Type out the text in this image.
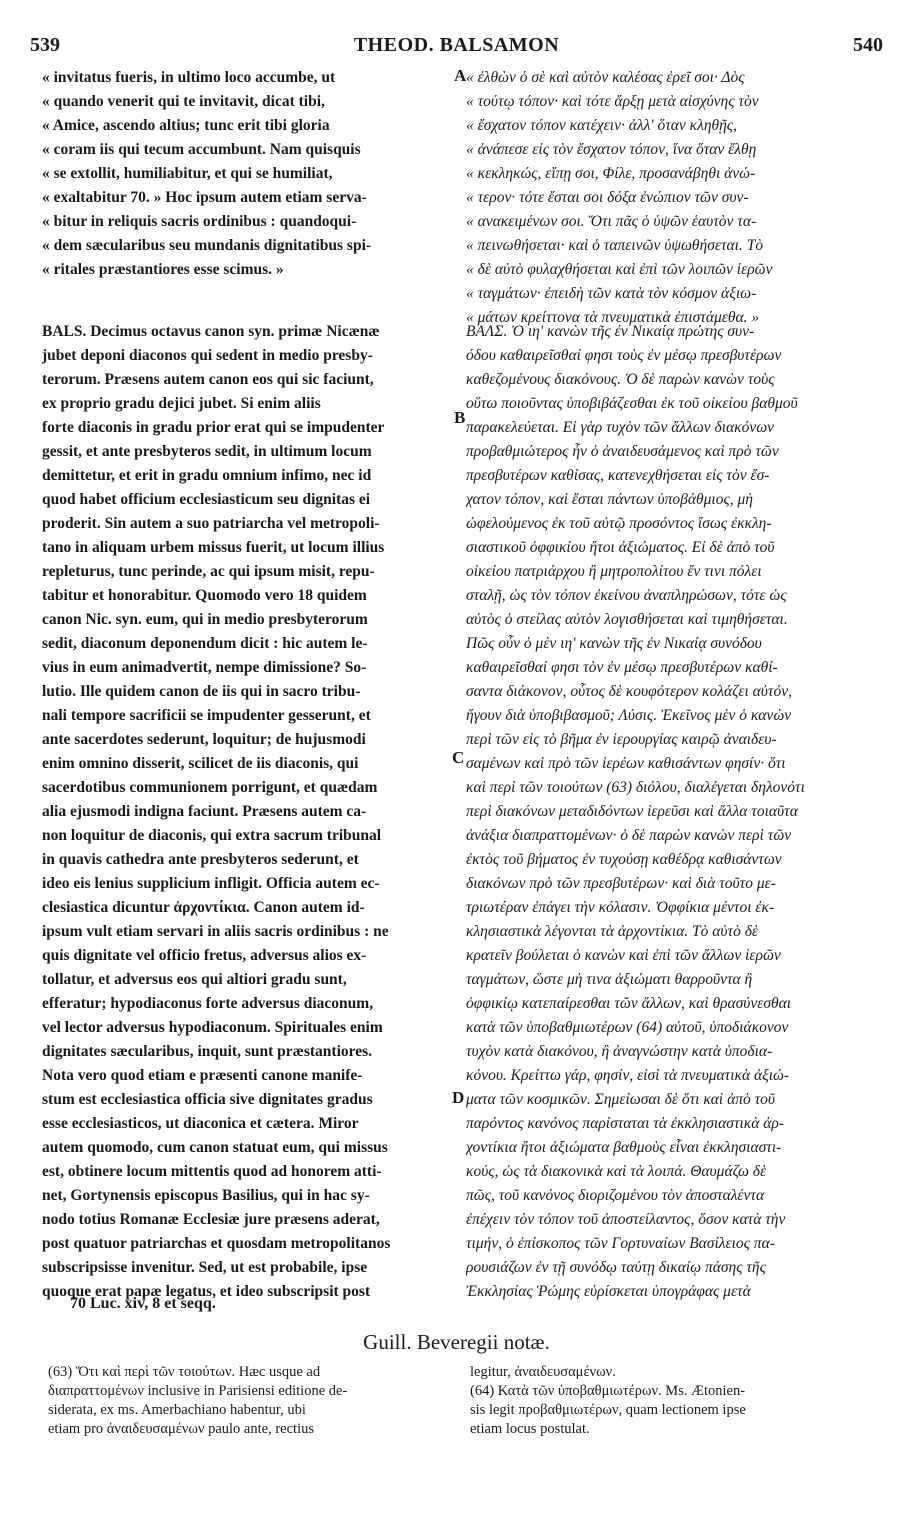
539	THEOD. BALSAMON	540
« invitatus fueris, in ultimo loco accumbe, ut
« quando venerit qui te invitavit, dicat tibi,
« Amice, ascendo altius; tunc erit tibi gloria
« coram iis qui tecum accumbunt. Nam quisquis
« se extollit, humiliabitur, et qui se humiliat,
« exaltabitur 70. » Hoc ipsum autem etiam serva-
« bitur in reliquis sacris ordinibus : quandoqui-
« dem sæcularibus seu mundanis dignitatibus spi-
« ritales præstantiores esse scimus. »
BALS. Decimus octavus canon syn. primæ Nicænæ
jubet deponi diaconos qui sedent in medio presby-
terorum. Præsens autem canon eos qui sic faciunt,
ex proprio gradu dejici jubet. Si enim aliis
forte diaconis in gradu prior erat qui se impudenter
gessit, et ante presbyteros sedit, in ultimum locum
demittetur, et erit in gradu omnium infimo, nec id
quod habet officium ecclesiasticum seu dignitas ei
proderit. Sin autem a suo patriarcha vel metropoli-
tano in aliquam urbem missus fuerit, ut locum illius
repleturus, tunc perinde, ac qui ipsum misit, repu-
tabitur et honorabitur. Quomodo vero 18 quidem
canon Nic. syn. eum, qui in medio presbyterorum
sedit, diaconum deponendum dicit : hic autem le-
vius in eum animadvertit, nempe dimissione? So-
lutio. Ille quidem canon de iis qui in sacro tribu-
nali tempore sacrificii se impudenter gesserunt, et
ante sacerdotes sederunt, loquitur; de hujusmodi
enim omnino disserit, scilicet de iis diaconis, qui
sacerdotibus communionem porrigunt, et quædam
alia ejusmodi indigna faciunt. Præsens autem ca-
non loquitur de diaconis, qui extra sacrum tribunal
in quavis cathedra ante presbyteros sederunt, et
ideo eis lenius supplicium infligit. Officia autem ec-
clesiastica dicuntur ἀρχοντίκια. Canon autem id-
ipsum vult etiam servari in aliis sacris ordinibus : ne
quis dignitate vel officio fretus, adversus alios ex-
tollatur, et adversus eos qui altiori gradu sunt,
efferatur; hypodiaconus forte adversus diaconum,
vel lector adversus hypodiaconum. Spirituales enim
dignitates sæcularibus, inquit, sunt præstantiores.
Nota vero quod etiam e præsenti canone manife-
stum est ecclesiastica officia sive dignitates gradus
esse ecclesiasticos, ut diaconica et cætera. Miror
autem quomodo, cum canon statuat eum, qui missus
est, obtinere locum mittentis quod ad honorem atti-
net, Gortynensis episcopus Basilius, qui in hac sy-
nodo totius Romanæ Ecclesiæ jure præsens aderat,
post quatuor patriarchas et quosdam metropolitanos
subscripsisse invenitur. Sed, ut est probabile, ipse
quoque erat papæ legatus, et ideo subscripsit post
« ἐλθὼν ὁ σὲ καὶ αὐτὸν καλέσας ἐρεῖ σοι· Δὸς
« τούτῳ τόπον· καὶ τότε ἄρξῃ μετὰ αἰσχύνης τὸν
« ἔσχατον τόπον κατέχειν· ἀλλ' ὅταν κληθῇς,
« ἀνάπεσε εἰς τὸν ἔσχατον τόπον, ἵνα ὅταν ἔλθῃ
« κεκληκώς, εἴπῃ σοι, Φίλε, προσανάβηθι ἀνώ-
« τερον· τότε ἔσται σοι δόξα ἐνώπιον τῶν συν-
« ανακειμένων σοι. Ὅτι πᾶς ὁ ὑψῶν ἑαυτὸν τα-
« πεινωθήσεται· καὶ ὁ ταπεινῶν ὑψωθήσεται. Τὸ
« δὲ αὐτὸ φυλαχθήσεται καὶ ἐπὶ τῶν λοιπῶν ἱερῶν
« ταγμάτων· ἐπειδὴ τῶν κατὰ τὸν κόσμον ἀξιω-
« μάτων κρείττονα τὰ πνευματικὰ ἐπιστάμεθα. »
ΒΑΛΣ. Ὁ ιη' κανὼν τῆς ἐν Νικαίᾳ πρώτης συν-
όδου καθαιρεῖσθαί φησι τοὺς ἐν μέσῳ πρεσβυτέρων
καθεζομένους διακόνους. Ὁ δὲ παρὼν κανὼν τοὺς
οὕτω ποιοῦντας ὑποβιβάζεσθαι ἐκ τοῦ οἰκείου βαθμοῦ
παρακελεύεται. Εἰ γὰρ τυχὸν τῶν ἄλλων διακόνων
προβαθμιώτερος ἦν ὁ ἀναιδευσάμενος καὶ πρὸ τῶν
πρεσβυτέρων καθίσας, κατενεχθήσεται εἰς τὸν ἔσ-
χατον τόπον, καὶ ἔσται πάντων ὑποβάθμιος, μὴ
ὠφελούμενος ἐκ τοῦ αὐτῷ προσόντος ἴσως ἐκκλη-
σιαστικοῦ ὀφφικίου ἤτοι ἀξιώματος. Εἰ δὲ ἀπὸ τοῦ
οἰκείου πατριάρχου ἢ μητροπολίτου ἔν τινι πόλει
σταλῇ, ὡς τὸν τόπον ἐκείνου ἀναπληρώσων, τότε ὡς
αὐτὸς ὁ στείλας αὐτὸν λογισθήσεται καὶ τιμηθήσεται.
Πῶς οὖν ὁ μὲν ιη' κανὼν τῆς ἐν Νικαίᾳ συνόδου
καθαιρεῖσθαί φησι τὸν ἐν μέσῳ πρεσβυτέρων καθί-
σαντα διάκονον, οὗτος δὲ κουφότερον κολάζει αὐτόν,
ἤγουν διὰ ὑποβιβασμοῦ; Λύσις. Ἐκεῖνος μὲν ὁ κανὼν
περὶ τῶν εἰς τὸ βῆμα ἐν ἱερουργίας καιρῷ ἀναιδευ-
σαμένων καὶ πρὸ τῶν ἱερέων καθισάντων φησίν· ὅτι
καὶ περὶ τῶν τοιούτων (63) διόλου, διαλέγεται δηλονότι
περὶ διακόνων μεταδιδόντων ἱερεῦσι καὶ ἄλλα τοιαῦτα
ἀνάξια διαπραττομένων· ὁ δὲ παρὼν κανὼν περὶ τῶν
ἐκτὸς τοῦ βήματος ἐν τυχούσῃ καθέδρᾳ καθισάντων
διακόνων πρὸ τῶν πρεσβυτέρων· καὶ διὰ τοῦτο με-
τριωτέραν ἐπάγει τὴν κόλασιν. Ὀφφίκια μέντοι ἐκ-
κλησιαστικὰ λέγονται τὰ ἀρχοντίκια. Τὸ αὐτὸ δὲ
κρατεῖν βούλεται ὁ κανὼν καὶ ἐπὶ τῶν ἄλλων ἱερῶν
ταγμάτων, ὥστε μὴ τινα ἀξιώματι θαρροῦντα ἢ
ὀφφικίῳ κατεπαίρεσθαι τῶν ἄλλων, καὶ θρασύνεσθαι
κατὰ τῶν ὑποβαθμιωτέρων (64) αὐτοῦ, ὑποδιάκονον
τυχὸν κατὰ διακόνου, ἢ ἀναγνώστην κατὰ ὑποδια-
κόνου. Κρείττω γάρ, φησίν, εἰσὶ τὰ πνευματικὰ ἀξιώ-
ματα τῶν κοσμικῶν. Σημείωσαι δὲ ὅτι καὶ ἀπὸ τοῦ
παρόντος κανόνος παρίσταται τὰ ἐκκλησιαστικὰ ἀρ-
χοντίκια ἤτοι ἀξιώματα βαθμοὺς εἶναι ἐκκλησιαστι-
κούς, ὡς τὰ διακονικὰ καὶ τὰ λοιπά. Θαυμάζω δὲ
πῶς, τοῦ κανόνος διοριζομένου τὸν ἀποσταλέντα
ἐπέχειν τὸν τόπον τοῦ ἀποστείλαντος, ὅσον κατὰ τὴν
τιμήν, ὁ ἐπίσκοπος τῶν Γορτυναίων Βασίλειος πα-
ρουσιάζων ἐν τῇ συνόδῳ ταύτῃ δικαίῳ πάσης τῆς
Ἐκκλησίας Ῥώμης εὑρίσκεται ὑπογράφας μετὰ
A
B
C
D
70 Luc. xiv, 8 et seqq.
Guill. Beveregii notæ.
(63) Ὅτι καὶ περὶ τῶν τοιούτων. Hæc usque ad
διαπραττομένων inclusive in Parisiensi editione de-
siderata, ex ms. Amerbachiano habentur, ubi
etiam pro ἀναιδευσαμένων paulo ante, rectius
legitur, ἀναιδευσαμένων.
(64) Κατὰ τῶν ὑποβαθμιωτέρων. Ms. Ætonien-
sis legit προβαθμιωτέρων, quam lectionem ipse
etiam locus postulat.
